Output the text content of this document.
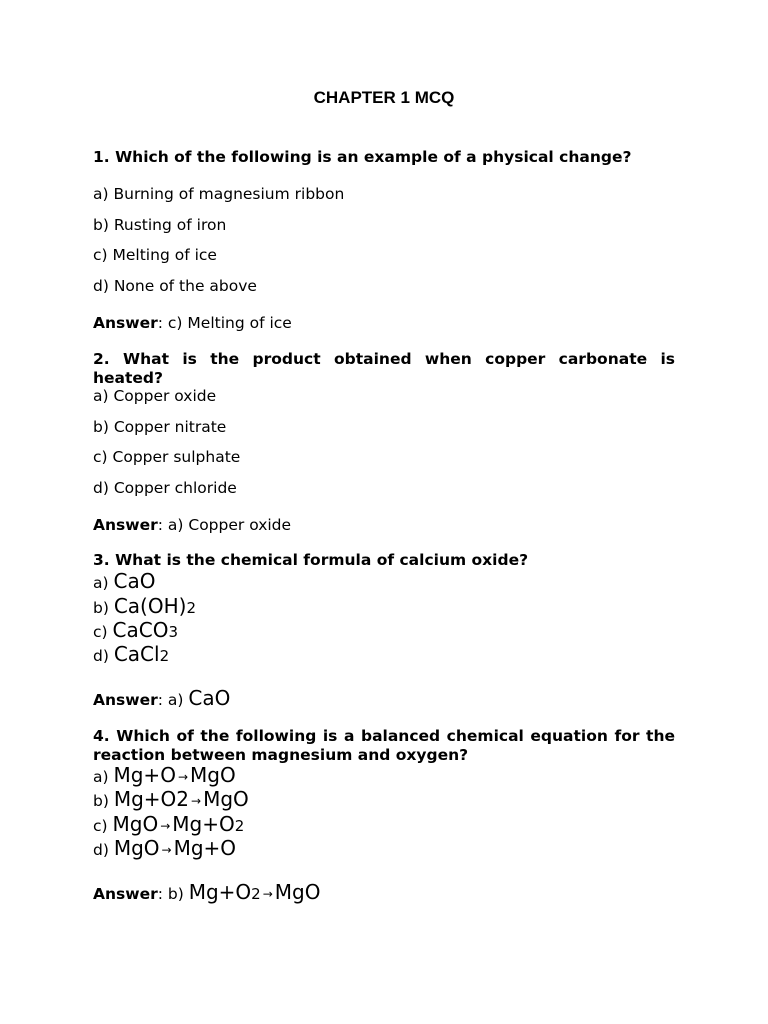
CHAPTER 1 MCQ
1. Which of the following is an example of a physical change?
a) Burning of magnesium ribbon
b) Rusting of iron
c) Melting of ice
d) None of the above
Answer: c) Melting of ice
2. What is the product obtained when copper carbonate is heated?
a) Copper oxide
b) Copper nitrate
c) Copper sulphate
d) Copper chloride
Answer: a) Copper oxide
3. What is the chemical formula of calcium oxide?
a) CaO
b) Ca(OH)2
c) CaCO3
d) CaCl2
Answer: a) CaO
4. Which of the following is a balanced chemical equation for the reaction between magnesium and oxygen?
a) Mg+O → MgO
b) Mg+O2 → MgO
c) MgO → Mg+O2
d) MgO → Mg+O
Answer: b) Mg+O2 → MgO
